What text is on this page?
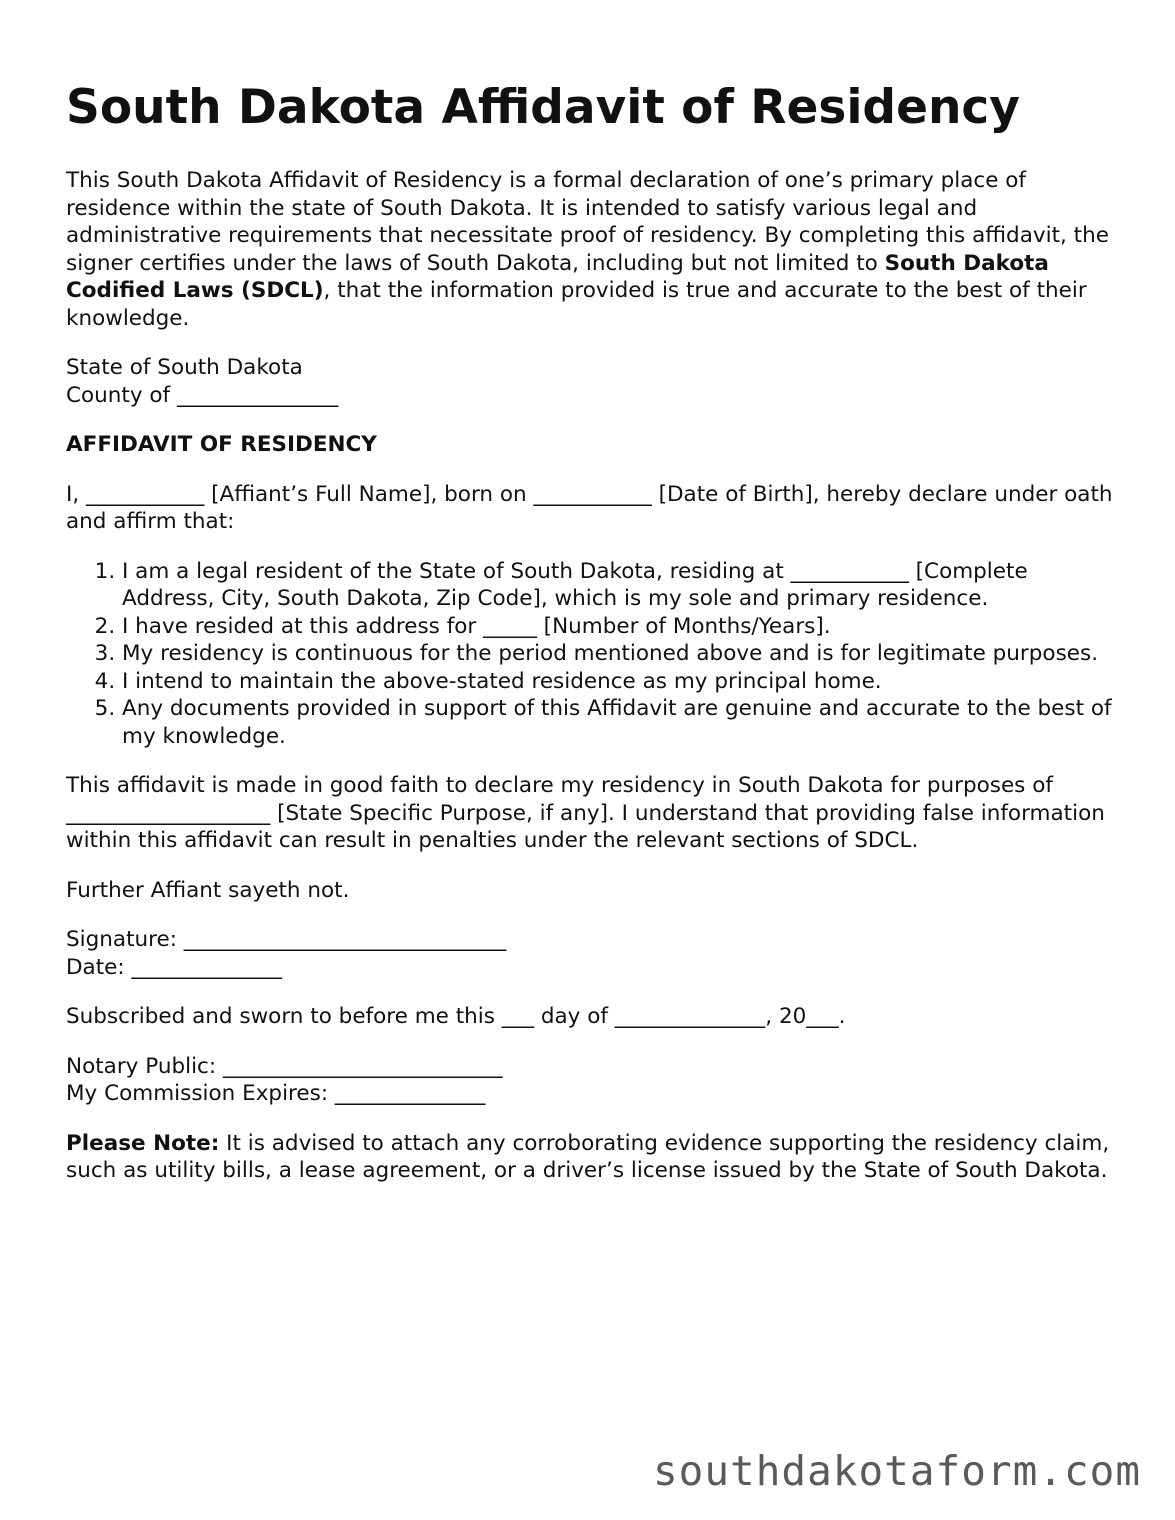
South Dakota Affidavit of Residency

This South Dakota Affidavit of Residency is a formal declaration of one’s primary place of residence within the state of South Dakota. It is intended to satisfy various legal and administrative requirements that necessitate proof of residency. By completing this affidavit, the signer certifies under the laws of South Dakota, including but not limited to South Dakota Codified Laws (SDCL), that the information provided is true and accurate to the best of their knowledge.

State of South Dakota
County of _______________

AFFIDAVIT OF RESIDENCY

I, ___________ [Affiant’s Full Name], born on ___________ [Date of Birth], hereby declare under oath and affirm that:

1. I am a legal resident of the State of South Dakota, residing at ___________ [Complete Address, City, South Dakota, Zip Code], which is my sole and primary residence.
2. I have resided at this address for _____ [Number of Months/Years].
3. My residency is continuous for the period mentioned above and is for legitimate purposes.
4. I intend to maintain the above-stated residence as my principal home.
5. Any documents provided in support of this Affidavit are genuine and accurate to the best of my knowledge.

This affidavit is made in good faith to declare my residency in South Dakota for purposes of ___________________ [State Specific Purpose, if any]. I understand that providing false information within this affidavit can result in penalties under the relevant sections of SDCL.

Further Affiant sayeth not.

Signature: ______________________________
Date: ______________

Subscribed and sworn to before me this ___ day of ______________, 20___.

Notary Public: __________________________
My Commission Expires: ______________

Please Note: It is advised to attach any corroborating evidence supporting the residency claim, such as utility bills, a lease agreement, or a driver’s license issued by the State of South Dakota.

southdakotaform.com
